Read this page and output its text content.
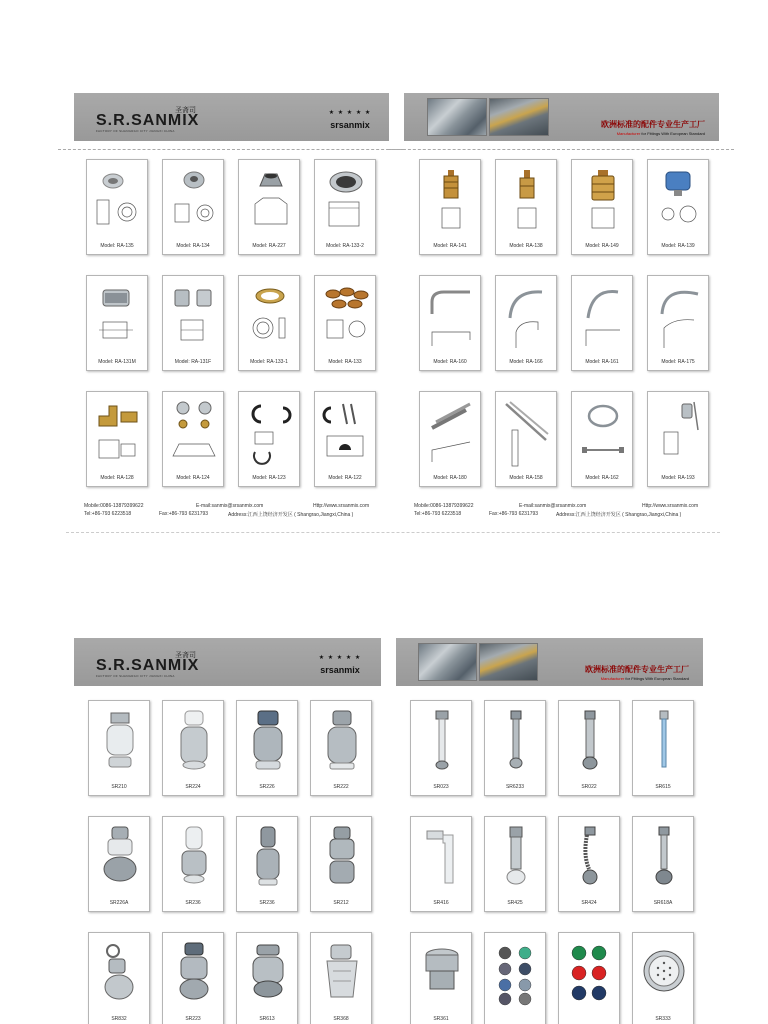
S.R.SANMIX
圣斋司
FACTORY OF SHANGRAO CITY JIANGXI CHINA
★ ★ ★ ★ ★
srsanmix
Model: RA-135	Model: RA-134	Model: RA-227	Model: RA-133-2
Model: RA-131M	Model: RA-131F	Model: RA-133-1	Model: RA-133
Model: RA-128	Model: RA-124	Model: RA-123	Model: RA-122
Mobile:0086-13879399622
Tel:+86-793 6223518
E-mail:sanmix@srsanmix.com
Fax:+86-793 6231793
Http://www.srsanmix.com
Address:江西上饶经济开发区 ( Shangrao,Jiangxi,China )
欧洲标准的配件专业生产工厂
Manufacturer for Fittings With European Standard
Model: RA-141	Model: RA-138	Model: RA-149	Model: RA-139
Model: RA-160	Model: RA-166	Model: RA-161	Model: RA-175
Model: RA-180	Model: RA-158	Model: RA-162	Model: RA-193
Mobile:0086-13879399622
Tel:+86-793 6223518
E-mail:sanmix@srsanmix.com
Fax:+86-793 6231793
Http://www.srsanmix.com
Address:江西上饶经济开发区 ( Shangrao,Jiangxi,China )
S.R.SANMIX
圣斋司
FACTORY OF SHANGRAO CITY JIANGXI CHINA
★ ★ ★ ★ ★
srsanmix
SR210	SR224	SR226	SR222
SR226A	SR236	SR236	SR212
SR832	SR223	SR613	SR368
欧洲标准的配件专业生产工厂
Manufacturer for Fittings With European Standard
SR023	SR6233	SR022	SR615
SR416	SR425	SR424	SR618A
SR361	SR333
